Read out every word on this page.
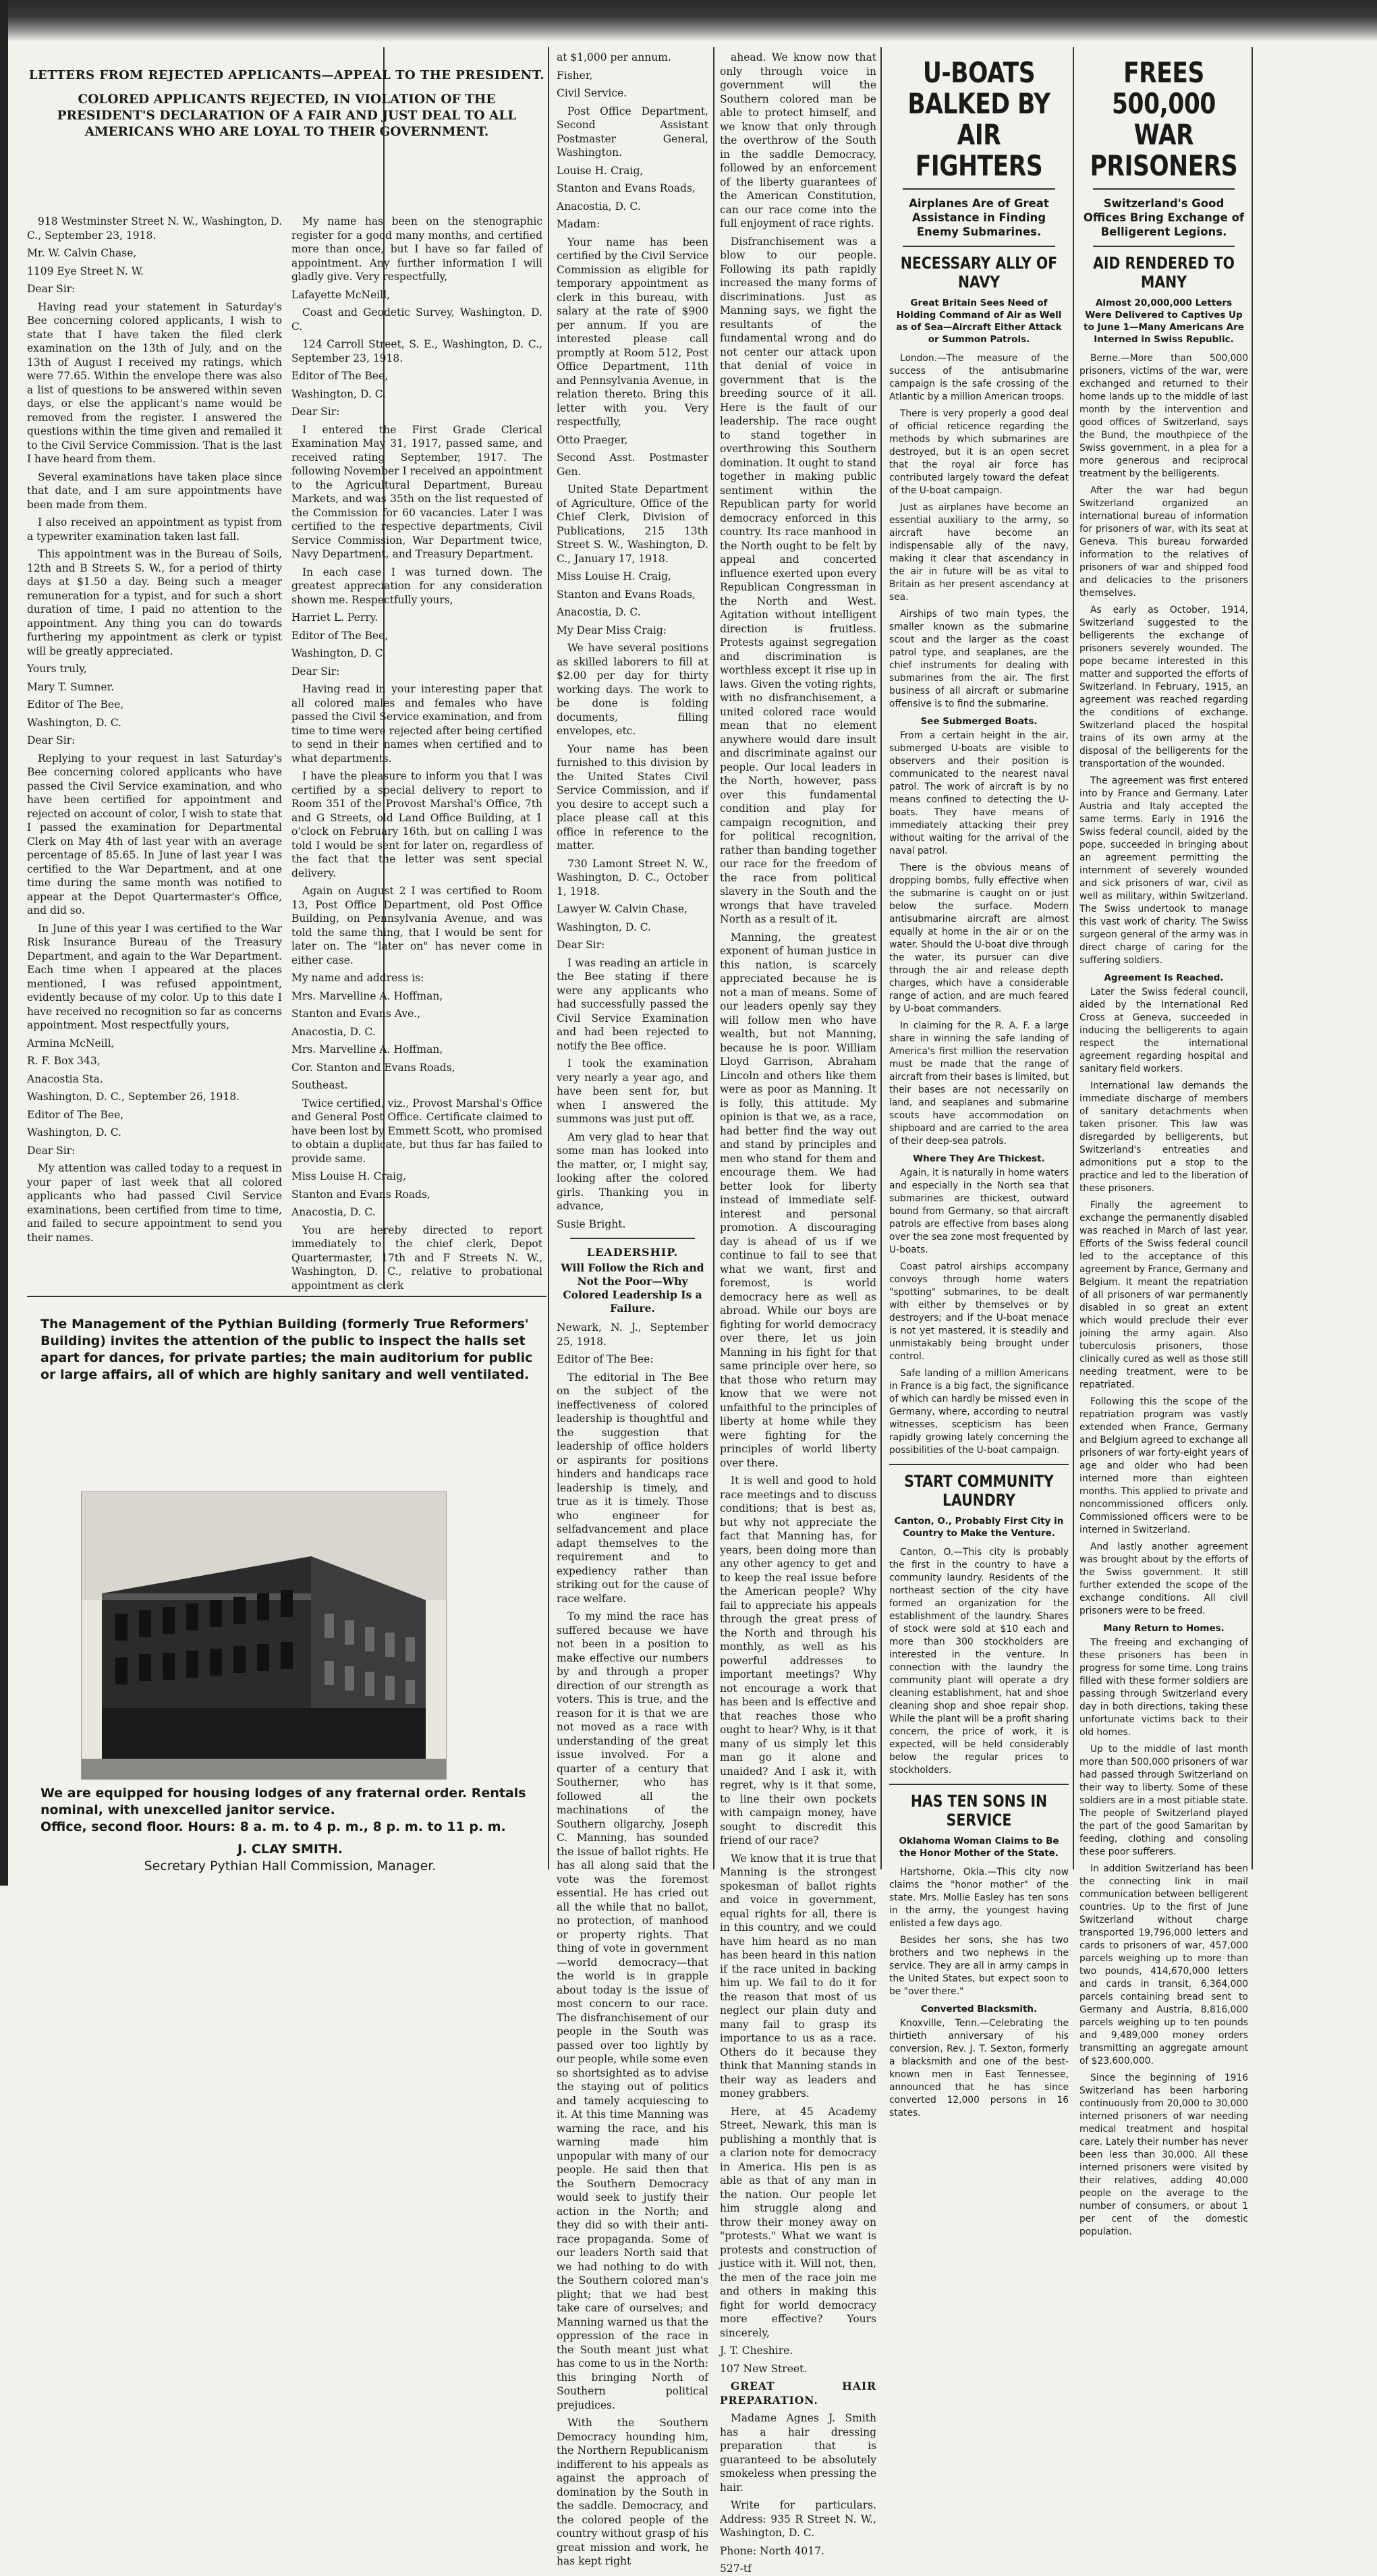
LETTERS FROM REJECTED APPLICANTS—APPEAL TO THE PRESIDENT.
COLORED APPLICANTS REJECTED, IN VIOLATION OF THE PRESIDENT'S DECLARATION OF A FAIR AND JUST DEAL TO ALL AMERICANS WHO ARE LOYAL TO THEIR GOVERNMENT.

918 Westminster Street N. W., Washington, D. C., September 23, 1918.

Mr. W. Calvin Chase,

1109 Eye Street N. W.

Dear Sir:

Having read your statement in Saturday's Bee concerning colored applicants, I wish to state that I have taken the filed clerk examination on the 13th of July, and on the 13th of August I received my ratings, which were 77.65. Within the envelope there was also a list of questions to be answered within seven days, or else the applicant's name would be removed from the register. I answered the questions within the time given and remailed it to the Civil Service Commission. That is the last I have heard from them.

Several examinations have taken place since that date, and I am sure appointments have been made from them.

I also received an appointment as typist from a typewriter examination taken last fall.

This appointment was in the Bureau of Soils, 12th and B Streets S. W., for a period of thirty days at $1.50 a day. Being such a meager remuneration for a typist, and for such a short duration of time, I paid no attention to the appointment. Any thing you can do towards furthering my appointment as clerk or typist will be greatly appreciated.

Yours truly,

Mary T. Sumner.

Editor of The Bee,

Washington, D. C.

Dear Sir:

Replying to your request in last Saturday's Bee concerning colored applicants who have passed the Civil Service examination, and who have been certified for appointment and rejected on account of color, I wish to state that I passed the examination for Departmental Clerk on May 4th of last year with an average percentage of 85.65. In June of last year I was certified to the War Department, and at one time during the same month was notified to appear at the Depot Quartermaster's Office, and did so.

In June of this year I was certified to the War Risk Insurance Bureau of the Treasury Department, and again to the War Department. Each time when I appeared at the places mentioned, I was refused appointment, evidently because of my color. Up to this date I have received no recognition so far as concerns appointment. Most respectfully yours,

Armina McNeill,

R. F. Box 343,

Anacostia Sta.

Washington, D. C., September 26, 1918.

Editor of The Bee,

Washington, D. C.

Dear Sir:

My attention was called today to a request in your paper of last week that all colored applicants who had passed Civil Service examinations, been certified from time to time, and failed to secure appointment to send you their names.

My name has been on the stenographic register for a good many months, and certified more than once, but I have so far failed of appointment. Any further information I will gladly give. Very respectfully,

Lafayette McNeill,

Coast and Geodetic Survey, Washington, D. C.

124 Carroll Street, S. E., Washington, D. C., September 23, 1918.

Editor of The Bee,

Washington, D. C.

Dear Sir:

I entered the First Grade Clerical Examination May 31, 1917, passed same, and received rating September, 1917. The following November I received an appointment to the Agricultural Department, Bureau Markets, and was 35th on the list requested of the Commission for 60 vacancies. Later I was certified to the respective departments, Civil Service Commission, War Department twice, Navy Department, and Treasury Department.

In each case I was turned down. The greatest appreciation for any consideration shown me. Respectfully yours,

Harriet L. Perry.

Editor of The Bee,

Washington, D. C.

Dear Sir:

Having read in your interesting paper that all colored males and females who have passed the Civil Service examination, and from time to time were rejected after being certified to send in their names when certified and to what departments.

I have the pleasure to inform you that I was certified by a special delivery to report to Room 351 of the Provost Marshal's Office, 7th and G Streets, old Land Office Building, at 1 o'clock on February 16th, but on calling I was told I would be sent for later on, regardless of the fact that the letter was sent special delivery.

Again on August 2 I was certified to Room 13, Post Office Department, old Post Office Building, on Pennsylvania Avenue, and was told the same thing, that I would be sent for later on. The "later on" has never come in either case.

My name and address is:

Mrs. Marvelline A. Hoffman,

Stanton and Evans Ave.,

Anacostia, D. C.

Mrs. Marvelline A. Hoffman,

Cor. Stanton and Evans Roads,

Southeast.

Twice certified, viz., Provost Marshal's Office and General Post Office. Certificate claimed to have been lost by Emmett Scott, who promised to obtain a duplicate, but thus far has failed to provide same.

Miss Louise H. Craig,

Stanton and Evans Roads,

Anacostia, D. C.

You are hereby directed to report immediately to the chief clerk, Depot Quartermaster, 17th and F Streets N. W., Washington, D. C., relative to probational appointment as clerk

at $1,000 per annum.

Fisher,

Civil Service.

Post Office Department, Second Assistant Postmaster General, Washington.

Louise H. Craig,

Stanton and Evans Roads,

Anacostia, D. C.

Madam:

Your name has been certified by the Civil Service Commission as eligible for temporary appointment as clerk in this bureau, with salary at the rate of $900 per annum. If you are interested please call promptly at Room 512, Post Office Department, 11th and Pennsylvania Avenue, in relation thereto. Bring this letter with you. Very respectfully,

Otto Praeger,

Second Asst. Postmaster Gen.

United State Department of Agriculture, Office of the Chief Clerk, Division of Publications, 215 13th Street S. W., Washington, D. C., January 17, 1918.

Miss Louise H. Craig,

Stanton and Evans Roads,

Anacostia, D. C.

My Dear Miss Craig:

We have several positions as skilled laborers to fill at $2.00 per day for thirty working days. The work to be done is folding documents, filling envelopes, etc.

Your name has been furnished to this division by the United States Civil Service Commission, and if you desire to accept such a place please call at this office in reference to the matter.

730 Lamont Street N. W., Washington, D. C., October 1, 1918.

Lawyer W. Calvin Chase,

Washington, D. C.

Dear Sir:

I was reading an article in the Bee stating if there were any applicants who had successfully passed the Civil Service Examination and had been rejected to notify the Bee office.

I took the examination very nearly a year ago, and have been sent for, but when I answered the summons was just put off.

Am very glad to hear that some man has looked into the matter, or, I might say, looking after the colored girls. Thanking you in advance,

Susie Bright.

LEADERSHIP.
Will Follow the Rich and Not the Poor—Why Colored Leadership Is a Failure.

Newark, N. J., September 25, 1918.

Editor of The Bee:

The editorial in The Bee on the subject of the ineffectiveness of colored leadership is thoughtful and the suggestion that leadership of office holders or aspirants for positions hinders and handicaps race leadership is timely, and true as it is timely. Those who engineer for selfadvancement and place adapt themselves to the requirement and to expediency rather than striking out for the cause of race welfare.

To my mind the race has suffered because we have not been in a position to make effective our numbers by and through a proper direction of our strength as voters. This is true, and the reason for it is that we are not moved as a race with understanding of the great issue involved. For a quarter of a century that Southerner, who has followed all the machinations of the Southern oligarchy, Joseph C. Manning, has sounded the issue of ballot rights. He has all along said that the vote was the foremost essential. He has cried out all the while that no ballot, no protection, of manhood or property rights. That thing of vote in government—world democracy—that the world is in grapple about today is the issue of most concern to our race. The disfranchisement of our people in the South was passed over too lightly by our people, while some even so shortsighted as to advise the staying out of politics and tamely acquiescing to it. At this time Manning was warning the race, and his warning made him unpopular with many of our people. He said then that the Southern Democracy would seek to justify their action in the North; and they did so with their anti-race propaganda. Some of our leaders North said that we had nothing to do with the Southern colored man's plight; that we had best take care of ourselves; and Manning warned us that the oppression of the race in the South meant just what has come to us in the North: this bringing North of Southern political prejudices.

With the Southern Democracy hounding him, the Northern Republicanism indifferent to his appeals as against the approach of domination by the South in the saddle. Democracy, and the colored people of the country without grasp of his great mission and work, he has kept right

ahead. We know now that only through voice in government will the Southern colored man be able to protect himself, and we know that only through the overthrow of the South in the saddle Democracy, followed by an enforcement of the liberty guarantees of the American Constitution, can our race come into the full enjoyment of race rights.

Disfranchisement was a blow to our people. Following its path rapidly increased the many forms of discriminations. Just as Manning says, we fight the resultants of the fundamental wrong and do not center our attack upon that denial of voice in government that is the breeding source of it all. Here is the fault of our leadership. The race ought to stand together in overthrowing this Southern domination. It ought to stand together in making public sentiment within the Republican party for world democracy enforced in this country. Its race manhood in the North ought to be felt by appeal and concerted influence exerted upon every Republican Congressman in the North and West. Agitation without intelligent direction is fruitless. Protests against segregation and discrimination is worthless except it rise up in laws. Given the voting rights, with no disfranchisement, a united colored race would mean that no element anywhere would dare insult and discriminate against our people. Our local leaders in the North, however, pass over this fundamental condition and play for campaign recognition, and for political recognition, rather than banding together our race for the freedom of the race from political slavery in the South and the wrongs that have traveled North as a result of it.

Manning, the greatest exponent of human justice in this nation, is scarcely appreciated because he is not a man of means. Some of our leaders openly say they will follow men who have wealth, but not Manning, because he is poor. William Lloyd Garrison, Abraham Lincoln and others like them were as poor as Manning. It is folly, this attitude. My opinion is that we, as a race, had better find the way out and stand by principles and men who stand for them and encourage them. We had better look for liberty instead of immediate self-interest and personal promotion. A discouraging day is ahead of us if we continue to fail to see that what we want, first and foremost, is world democracy here as well as abroad. While our boys are fighting for world democracy over there, let us join Manning in his fight for that same principle over here, so that those who return may know that we were not unfaithful to the principles of liberty at home while they were fighting for the principles of world liberty over there.

It is well and good to hold race meetings and to discuss conditions; that is best as, but why not appreciate the fact that Manning has, for years, been doing more than any other agency to get and to keep the real issue before the American people? Why fail to appreciate his appeals through the great press of the North and through his monthly, as well as his powerful addresses to important meetings? Why not encourage a work that has been and is effective and that reaches those who ought to hear? Why, is it that many of us simply let this man go it alone and unaided? And I ask it, with regret, why is it that some, to line their own pockets with campaign money, have sought to discredit this friend of our race?

We know that it is true that Manning is the strongest spokesman of ballot rights and voice in government, equal rights for all, there is in this country, and we could have him heard as no man has been heard in this nation if the race united in backing him up. We fail to do it for the reason that most of us neglect our plain duty and many fail to grasp its importance to us as a race. Others do it because they think that Manning stands in their way as leaders and money grabbers.

Here, at 45 Academy Street, Newark, this man is publishing a monthly that is a clarion note for democracy in America. His pen is as able as that of any man in the nation. Our people let him struggle along and throw their money away on "protests." What we want is protests and construction of justice with it. Will not, then, the men of the race join me and others in making this fight for world democracy more effective? Yours sincerely,

J. T. Cheshire.

107 New Street.

GREAT HAIR PREPARATION.

Madame Agnes J. Smith has a hair dressing preparation that is guaranteed to be absolutely smokeless when pressing the hair.

Write for particulars. Address: 935 R Street N. W., Washington, D. C.

Phone: North 4017.

527-tf

U-BOATS BALKED BY AIR FIGHTERS
Airplanes Are of Great Assistance in Finding Enemy Submarines.
NECESSARY ALLY OF NAVY
Great Britain Sees Need of Holding Command of Air as Well as of Sea—Aircraft Either Attack or Summon Patrols.

London.—The measure of the success of the antisubmarine campaign is the safe crossing of the Atlantic by a million American troops.

There is very properly a good deal of official reticence regarding the methods by which submarines are destroyed, but it is an open secret that the royal air force has contributed largely toward the defeat of the U-boat campaign.

Just as airplanes have become an essential auxiliary to the army, so aircraft have become an indispensable ally of the navy, making it clear that ascendancy in the air in future will be as vital to Britain as her present ascendancy at sea.

Airships of two main types, the smaller known as the submarine scout and the larger as the coast patrol type, and seaplanes, are the chief instruments for dealing with submarines from the air. The first business of all aircraft or submarine offensive is to find the submarine.

See Submerged Boats.

From a certain height in the air, submerged U-boats are visible to observers and their position is communicated to the nearest naval patrol. The work of aircraft is by no means confined to detecting the U-boats. They have means of immediately attacking their prey without waiting for the arrival of the naval patrol.

There is the obvious means of dropping bombs, fully effective when the submarine is caught on or just below the surface. Modern antisubmarine aircraft are almost equally at home in the air or on the water. Should the U-boat dive through the water, its pursuer can dive through the air and release depth charges, which have a considerable range of action, and are much feared by U-boat commanders.

In claiming for the R. A. F. a large share in winning the safe landing of America's first million the reservation must be made that the range of aircraft from their bases is limited, but their bases are not necessarily on land, and seaplanes and submarine scouts have accommodation on shipboard and are carried to the area of their deep-sea patrols.

Where They Are Thickest.

Again, it is naturally in home waters and especially in the North sea that submarines are thickest, outward bound from Germany, so that aircraft patrols are effective from bases along over the sea zone most frequented by U-boats.

Coast patrol airships accompany convoys through home waters "spotting" submarines, to be dealt with either by themselves or by destroyers; and if the U-boat menace is not yet mastered, it is steadily and unmistakably being brought under control.

Safe landing of a million Americans in France is a big fact, the significance of which can hardly be missed even in Germany, where, according to neutral witnesses, scepticism has been rapidly growing lately concerning the possibilities of the U-boat campaign.

START COMMUNITY LAUNDRY
Canton, O., Probably First City in Country to Make the Venture.

Canton, O.—This city is probably the first in the country to have a community laundry. Residents of the northeast section of the city have formed an organization for the establishment of the laundry. Shares of stock were sold at $10 each and more than 300 stockholders are interested in the venture. In connection with the laundry the community plant will operate a dry cleaning establishment, hat and shoe cleaning shop and shoe repair shop. While the plant will be a profit sharing concern, the price of work, it is expected, will be held considerably below the regular prices to stockholders.

HAS TEN SONS IN SERVICE
Oklahoma Woman Claims to Be the Honor Mother of the State.

Hartshorne, Okla.—This city now claims the "honor mother" of the state. Mrs. Mollie Easley has ten sons in the army, the youngest having enlisted a few days ago.

Besides her sons, she has two brothers and two nephews in the service. They are all in army camps in the United States, but expect soon to be "over there."

Converted Blacksmith.

Knoxville, Tenn.—Celebrating the thirtieth anniversary of his conversion, Rev. J. T. Sexton, formerly a blacksmith and one of the best-known men in East Tennessee, announced that he has since converted 12,000 persons in 16 states.

FREES 500,000 WAR PRISONERS
Switzerland's Good Offices Bring Exchange of Belligerent Legions.
AID RENDERED TO MANY
Almost 20,000,000 Letters Were Delivered to Captives Up to June 1—Many Americans Are Interned in Swiss Republic.

Berne.—More than 500,000 prisoners, victims of the war, were exchanged and returned to their home lands up to the middle of last month by the intervention and good offices of Switzerland, says the Bund, the mouthpiece of the Swiss government, in a plea for a more generous and reciprocal treatment by the belligerents.

After the war had begun Switzerland organized an international bureau of information for prisoners of war, with its seat at Geneva. This bureau forwarded information to the relatives of prisoners of war and shipped food and delicacies to the prisoners themselves.

As early as October, 1914, Switzerland suggested to the belligerents the exchange of prisoners severely wounded. The pope became interested in this matter and supported the efforts of Switzerland. In February, 1915, an agreement was reached regarding the conditions of exchange. Switzerland placed the hospital trains of its own army at the disposal of the belligerents for the transportation of the wounded.

The agreement was first entered into by France and Germany. Later Austria and Italy accepted the same terms. Early in 1916 the Swiss federal council, aided by the pope, succeeded in bringing about an agreement permitting the internment of severely wounded and sick prisoners of war, civil as well as military, within Switzerland. The Swiss undertook to manage this vast work of charity. The Swiss surgeon general of the army was in direct charge of caring for the suffering soldiers.

Agreement Is Reached.

Later the Swiss federal council, aided by the International Red Cross at Geneva, succeeded in inducing the belligerents to again respect the international agreement regarding hospital and sanitary field workers.

International law demands the immediate discharge of members of sanitary detachments when taken prisoner. This law was disregarded by belligerents, but Switzerland's entreaties and admonitions put a stop to the practice and led to the liberation of these prisoners.

Finally the agreement to exchange the permanently disabled was reached in March of last year. Efforts of the Swiss federal council led to the acceptance of this agreement by France, Germany and Belgium. It meant the repatriation of all prisoners of war permanently disabled in so great an extent which would preclude their ever joining the army again. Also tuberculosis prisoners, those clinically cured as well as those still needing treatment, were to be repatriated.

Following this the scope of the repatriation program was vastly extended when France, Germany and Belgium agreed to exchange all prisoners of war forty-eight years of age and older who had been interned more than eighteen months. This applied to private and noncommissioned officers only. Commissioned officers were to be interned in Switzerland.

And lastly another agreement was brought about by the efforts of the Swiss government. It still further extended the scope of the exchange conditions. All civil prisoners were to be freed.

Many Return to Homes.

The freeing and exchanging of these prisoners has been in progress for some time. Long trains filled with these former soldiers are passing through Switzerland every day in both directions, taking these unfortunate victims back to their old homes.

Up to the middle of last month more than 500,000 prisoners of war had passed through Switzerland on their way to liberty. Some of these soldiers are in a most pitiable state. The people of Switzerland played the part of the good Samaritan by feeding, clothing and consoling these poor sufferers.

In addition Switzerland has been the connecting link in mail communication between belligerent countries. Up to the first of June Switzerland without charge transported 19,796,000 letters and cards to prisoners of war, 457,000 parcels weighing up to more than two pounds, 414,670,000 letters and cards in transit, 6,364,000 parcels containing bread sent to Germany and Austria, 8,816,000 parcels weighing up to ten pounds and 9,489,000 money orders transmitting an aggregate amount of $23,600,000.

Since the beginning of 1916 Switzerland has been harboring continuously from 20,000 to 30,000 interned prisoners of war needing medical treatment and hospital care. Lately their number has never been less than 30,000. All these interned prisoners were visited by their relatives, adding 40,000 people on the average to the number of consumers, or about 1 per cent of the domestic population.

The Management of the Pythian Building (formerly True Reformers' Building) invites the attention of the public to inspect the halls set apart for dances, for private parties; the main auditorium for public or large affairs, all of which are highly sanitary and well ventilated.
We are equipped for housing lodges of any fraternal order. Rentals nominal, with unexcelled janitor service.
Office, second floor. Hours: 8 a. m. to 4 p. m., 8 p. m. to 11 p. m.
J. CLAY SMITH.
Secretary Pythian Hall Commission, Manager.
